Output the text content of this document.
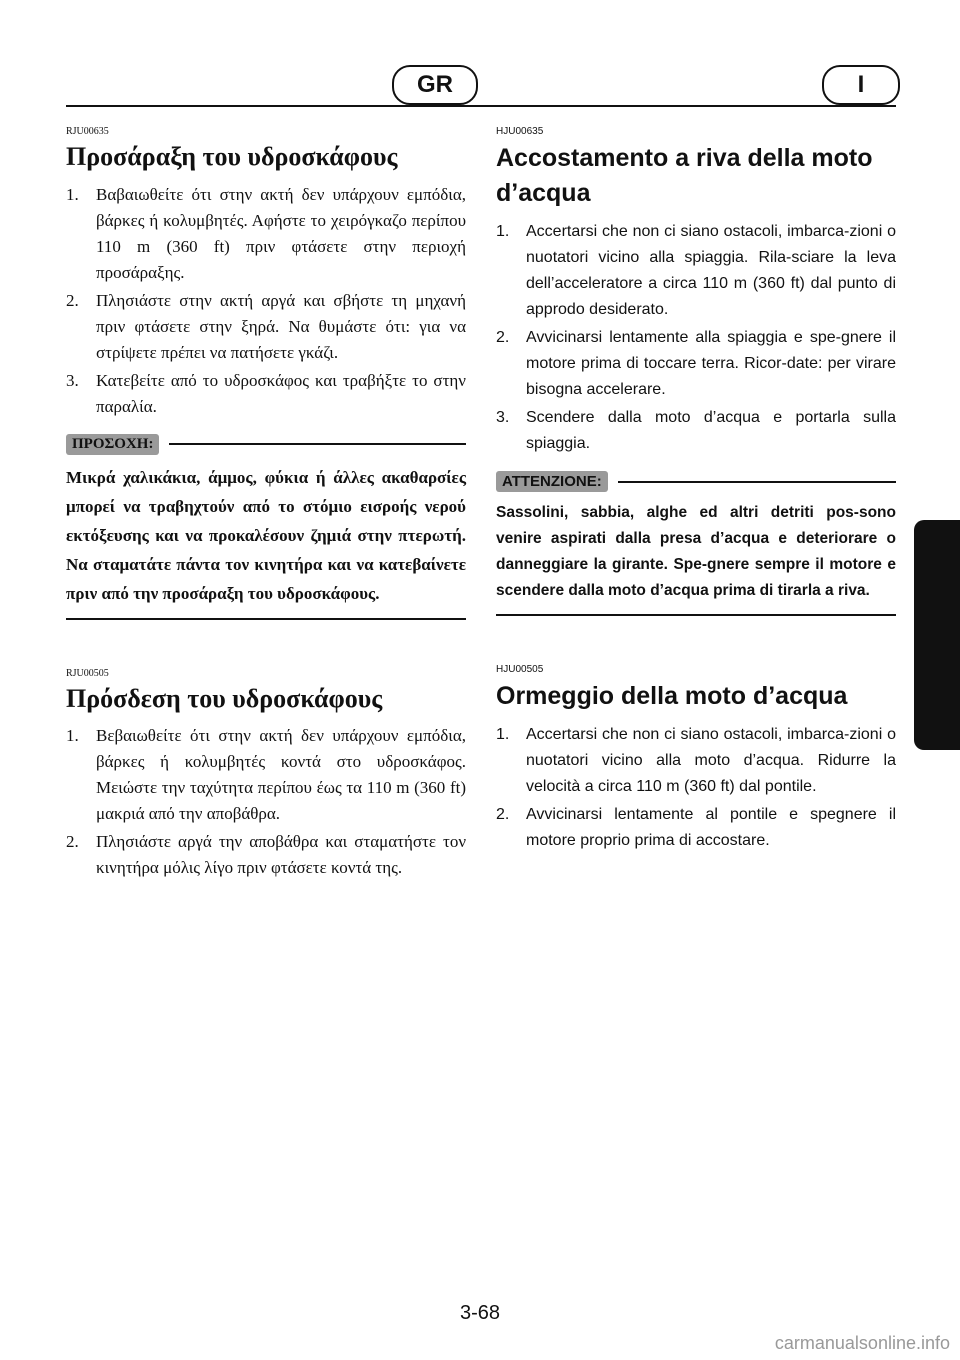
GR	I

RJU00635

Προσάραξη του υδροσκάφους
1.	Βαβαιωθείτε ότι στην ακτή δεν υπάρχουν εμπόδια, βάρκες ή κολυμβητές. Αφήστε το χειρόγκαζο περίπου 110 m (360 ft) πριν φτάσετε στην περιοχή προσάραξης.
2.	Πλησιάστε στην ακτή αργά και σβήστε τη μηχανή πριν φτάσετε στην ξηρά. Να θυμάστε ότι: για να στρίψετε πρέπει να πατήσετε γκάζι.
3.	Κατεβείτε από το υδροσκάφος και τραβήξτε το στην παραλία.
ΠΡΟΣΟΧΗ:

Μικρά χαλικάκια, άμμος, φύκια ή άλλες ακαθαρσίες μπορεί να τραβηχτούν από το στόμιο εισροής νερού εκτόξευσης και να προκαλέσουν ζημιά στην πτερωτή. Να σταματάτε πάντα τον κινητήρα και να κατεβαίνετε πριν από την προσάραξη του υδροσκάφους.

RJU00505

Πρόσδεση του υδροσκάφους
1.	Βεβαιωθείτε ότι στην ακτή δεν υπάρχουν εμπόδια, βάρκες ή κολυμβητές κοντά στο υδροσκάφος. Μειώστε την ταχύτητα περίπου έως τα 110 m (360 ft) μακριά από την αποβάθρα.
2.	Πλησιάστε αργά την αποβάθρα και σταματήστε τον κινητήρα μόλις λίγο πριν φτάσετε κοντά της.

HJU00635

Accostamento a riva della moto d’acqua
1.	Accertarsi che non ci siano ostacoli, imbarca-zioni o nuotatori vicino alla spiaggia. Rila-sciare la leva dell’acceleratore a circa 110 m (360 ft) dal punto di approdo desiderato.
2.	Avvicinarsi lentamente alla spiaggia e spe-gnere il motore prima di toccare terra. Ricor-date: per virare bisogna accelerare.
3.	Scendere dalla moto d’acqua e portarla sulla spiaggia.
ATTENZIONE:

Sassolini, sabbia, alghe ed altri detriti pos-sono venire aspirati dalla presa d’acqua e deteriorare o danneggiare la girante. Spe-gnere sempre il motore e scendere dalla moto d’acqua prima di tirarla a riva.

HJU00505

Ormeggio della moto d’acqua
1.	Accertarsi che non ci siano ostacoli, imbarca-zioni o nuotatori vicino alla moto d’acqua. Ridurre la velocità a circa 110 m (360 ft) dal pontile.
2.	Avvicinarsi lentamente al pontile e spegnere il motore proprio prima di accostare.
3-68
carmanualsonline.info
